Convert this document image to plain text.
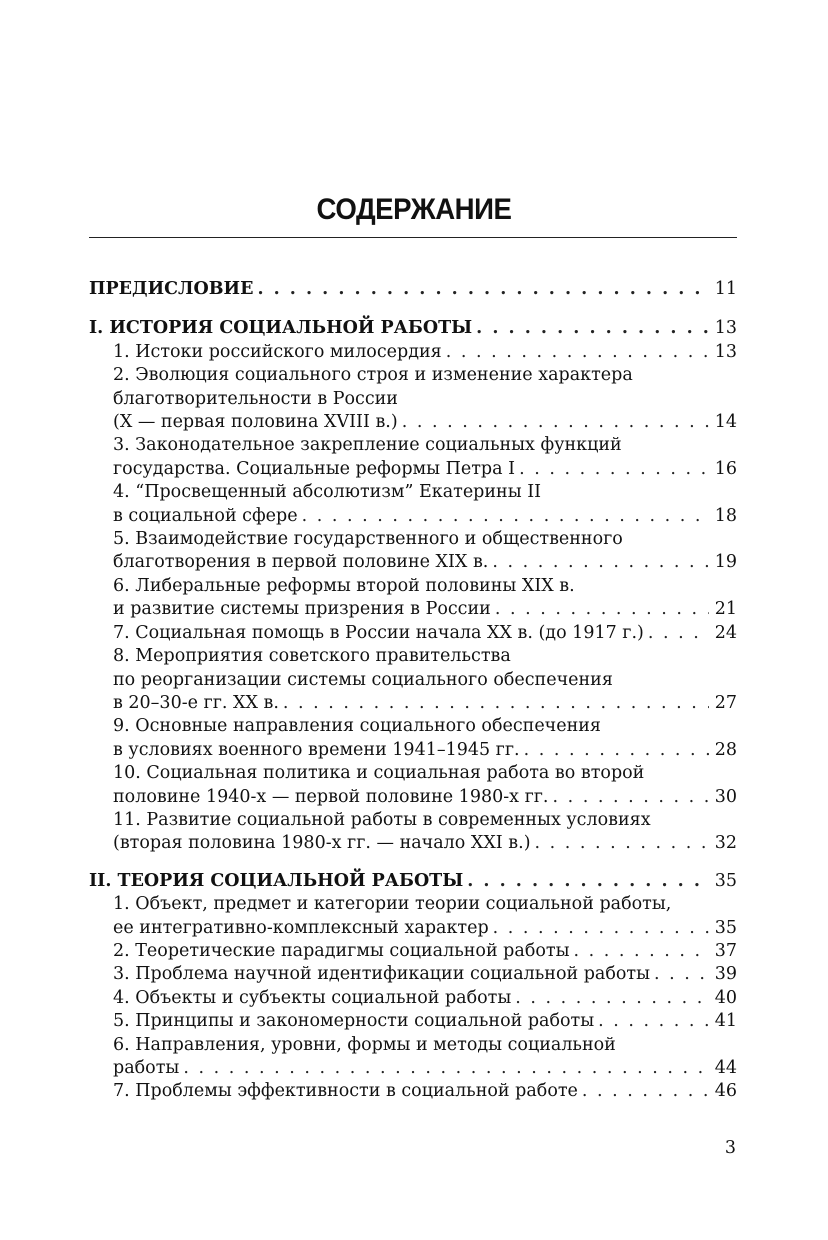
СОДЕРЖАНИЕ
ПРЕДИСЛОВИЕ . . .	11
I. ИСТОРИЯ СОЦИАЛЬНОЙ РАБОТЫ . . .	13
1. Истоки российского милосердия . . .	13
2. Эволюция социального строя и изменение характера
благотворительности в России
(X — первая половина XVIII в.) . . .	14
3. Законодательное закрепление социальных функций
государства. Социальные реформы Петра I . . .	16
4. “Просвещенный абсолютизм” Екатерины II
в социальной сфере . . .	18
5. Взаимодействие государственного и общественного
благотворения в первой половине XIX в. . . .	19
6. Либеральные реформы второй половины XIX в.
и развитие системы призрения в России . . .	21
7. Социальная помощь в России начала XX в. (до 1917 г.) . . .	24
8. Мероприятия советского правительства
по реорганизации системы социального обеспечения
в 20–30-е гг. XX в. . . .	27
9. Основные направления социального обеспечения
в условиях военного времени 1941–1945 гг. . . .	28
10. Социальная политика и социальная работа во второй
половине 1940-х — первой половине 1980-х гг. . . .	30
11. Развитие социальной работы в современных условиях
(вторая половина 1980-х гг. — начало XXI в.) . . .	32
II. ТЕОРИЯ СОЦИАЛЬНОЙ РАБОТЫ . . .	35
1. Объект, предмет и категории теории социальной работы,
ее интегративно-комплексный характер . . .	35
2. Теоретические парадигмы социальной работы . . .	37
3. Проблема научной идентификации социальной работы . . .	39
4. Объекты и субъекты социальной работы . . .	40
5. Принципы и закономерности социальной работы . . .	41
6. Направления, уровни, формы и методы социальной
работы . . .	44
7. Проблемы эффективности в социальной работе . . .	46
3
